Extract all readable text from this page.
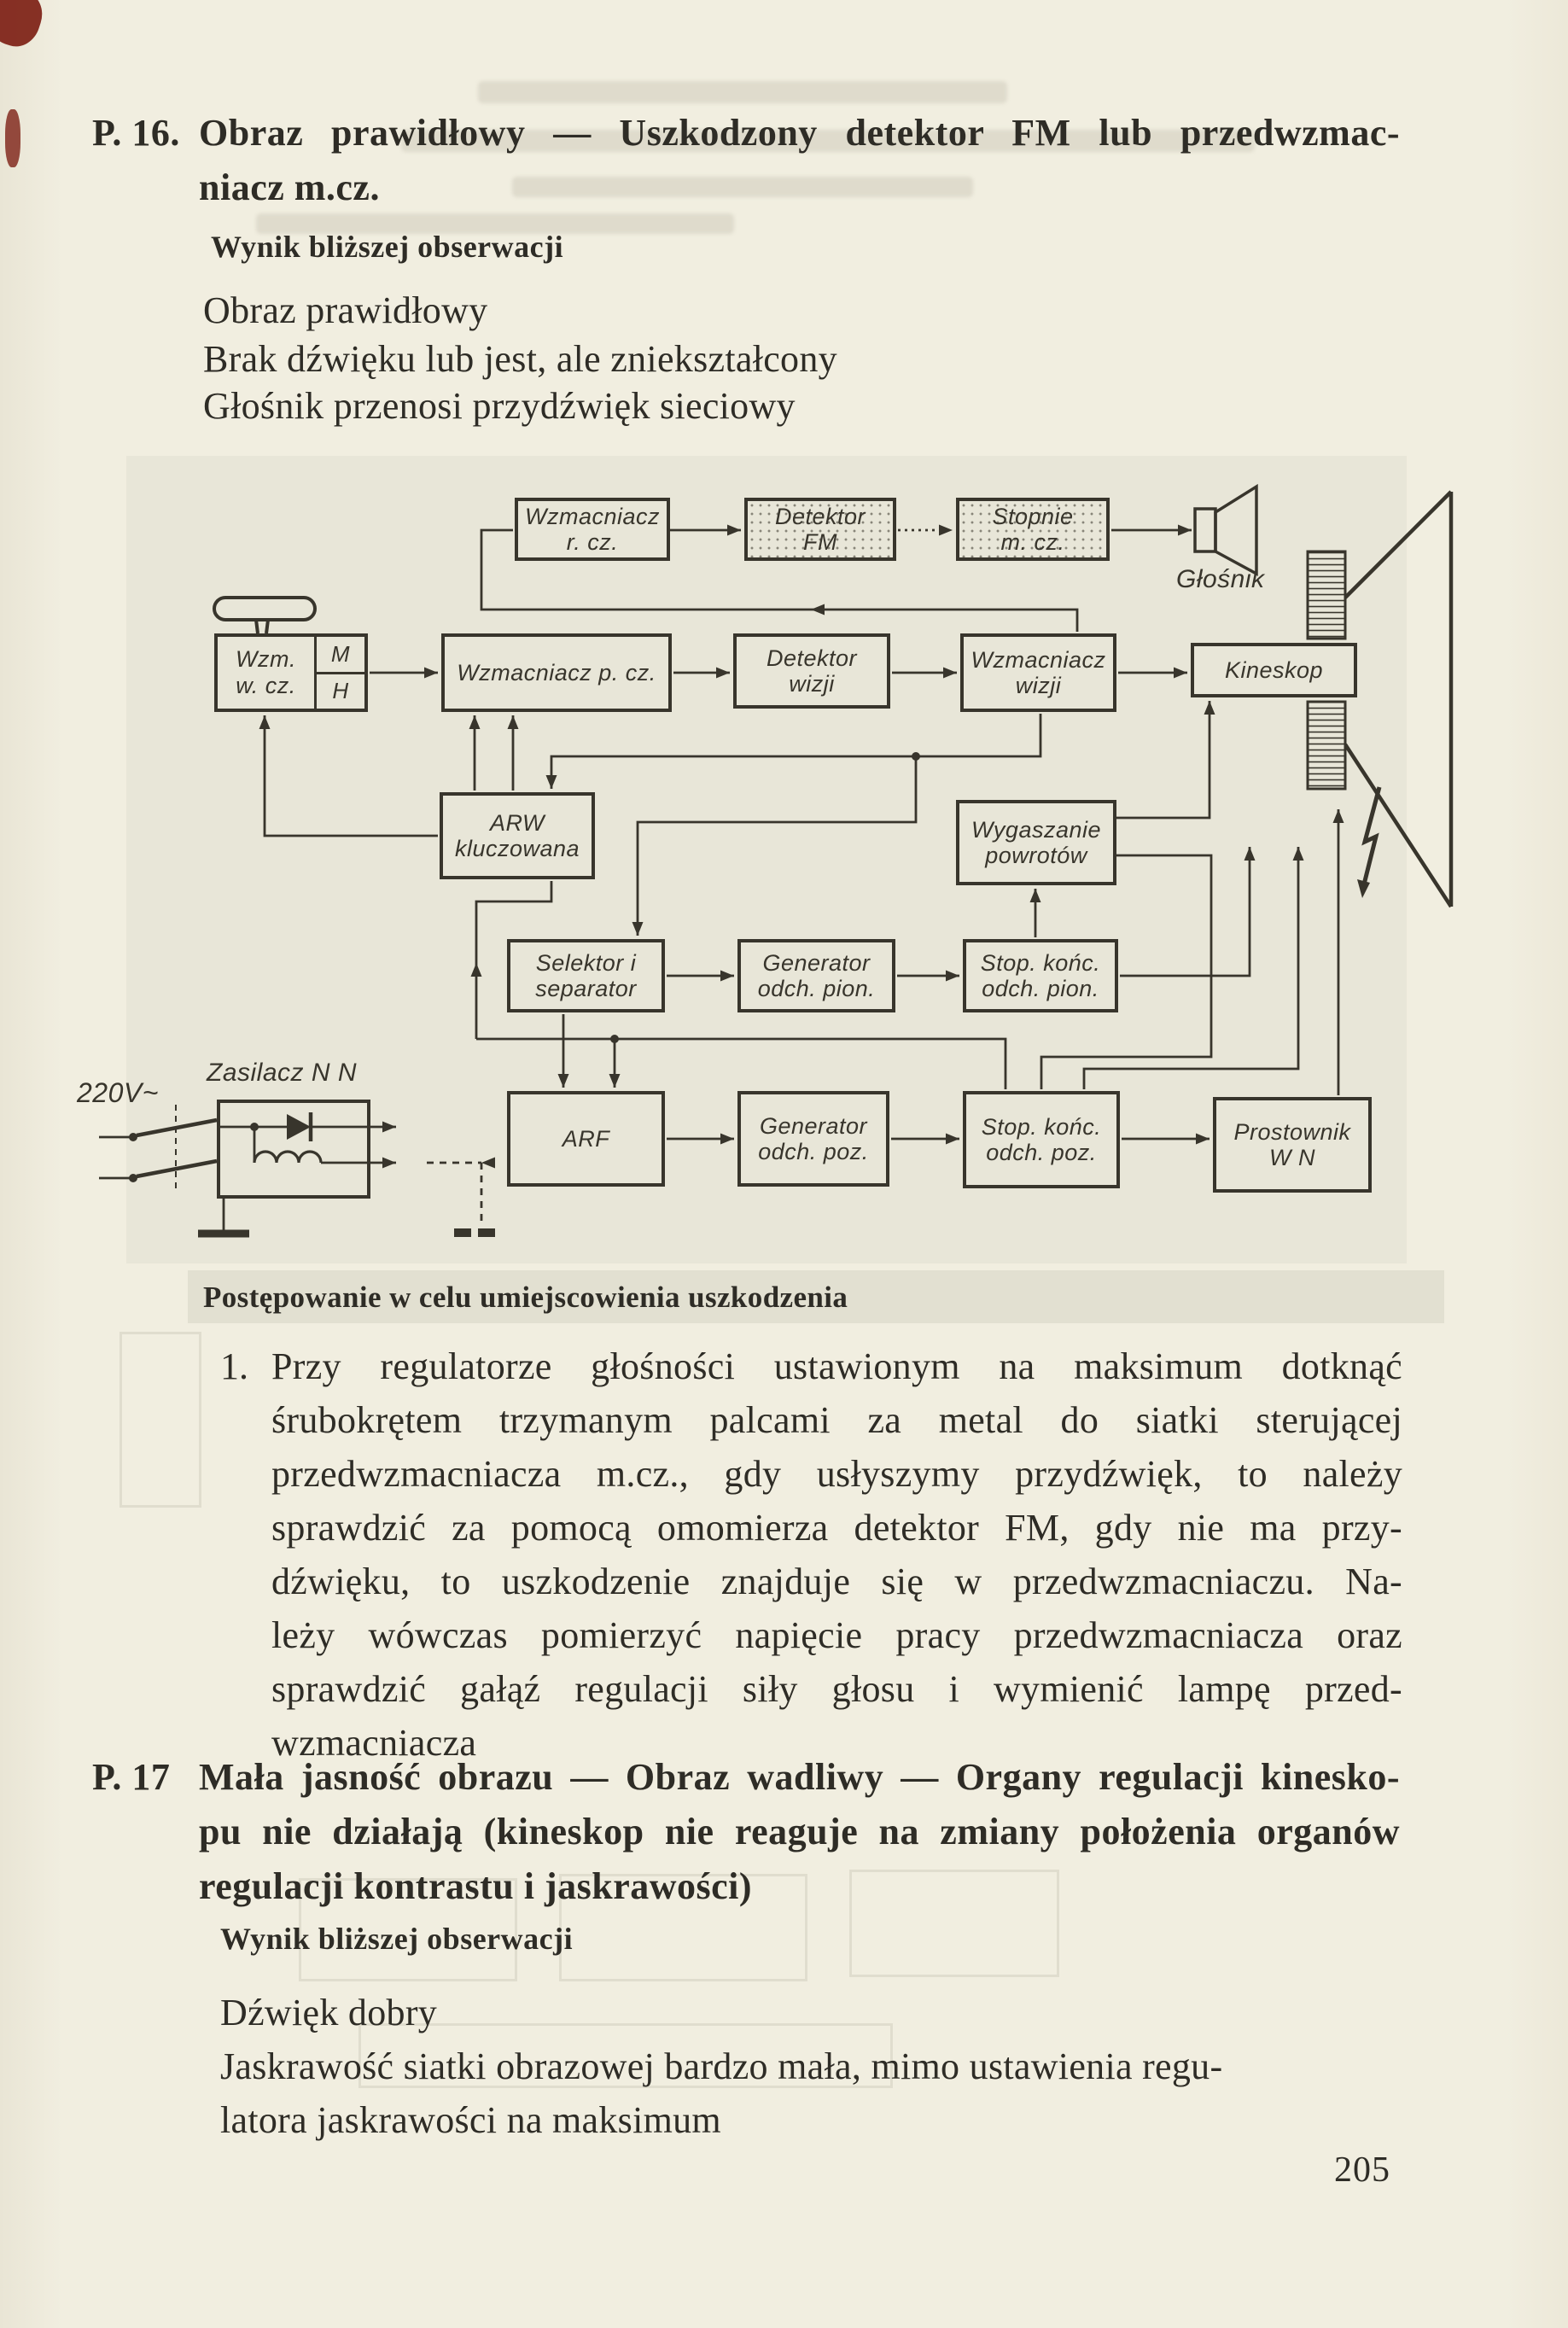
P. 16. Obraz prawidłowy — Uszkodzony detektor FM lub przedwzmac-
niacz m.cz.
Wynik bliższej obserwacji
Obraz prawidłowy
Brak dźwięku lub jest, ale zniekształcony
Głośnik przenosi przydźwięk sieciowy
Wzmacniacz
r. cz.
Detektor
FM
Stopnie
m. cz.
Wzm.
w. cz.
M
H
Wzmacniacz p. cz.
Detektor
wizji
Wzmacniacz
wizji
Kineskop
ARW
kluczowana
Wygaszanie
powrotów
Selektor i
separator
Generator
odch. pion.
Stop. końc.
odch. pion.
ARF
Generator
odch. poz.
Stop. końc.
odch. poz.
Prostownik
W N
Głośnik
Zasilacz N N
220V~
Postępowanie w celu umiejscowienia uszkodzenia
1. Przy regulatorze głośności ustawionym na maksimum dotknąć
śrubokrętem trzymanym palcami za metal do siatki sterującej
przedwzmacniacza m.cz., gdy usłyszymy przydźwięk, to należy
sprawdzić za pomocą omomierza detektor FM, gdy nie ma przy-
dźwięku, to uszkodzenie znajduje się w przedwzmacniaczu. Na-
leży wówczas pomierzyć napięcie pracy przedwzmacniacza oraz
sprawdzić gałąź regulacji siły głosu i wymienić lampę przed-
wzmacniacza
P. 17 Mała jasność obrazu — Obraz wadliwy — Organy regulacji kinesko-
pu nie działają (kineskop nie reaguje na zmiany położenia organów
regulacji kontrastu i jaskrawości)
Wynik bliższej obserwacji
Dźwięk dobry
Jaskrawość siatki obrazowej bardzo mała, mimo ustawienia regu-
latora jaskrawości na maksimum
205
